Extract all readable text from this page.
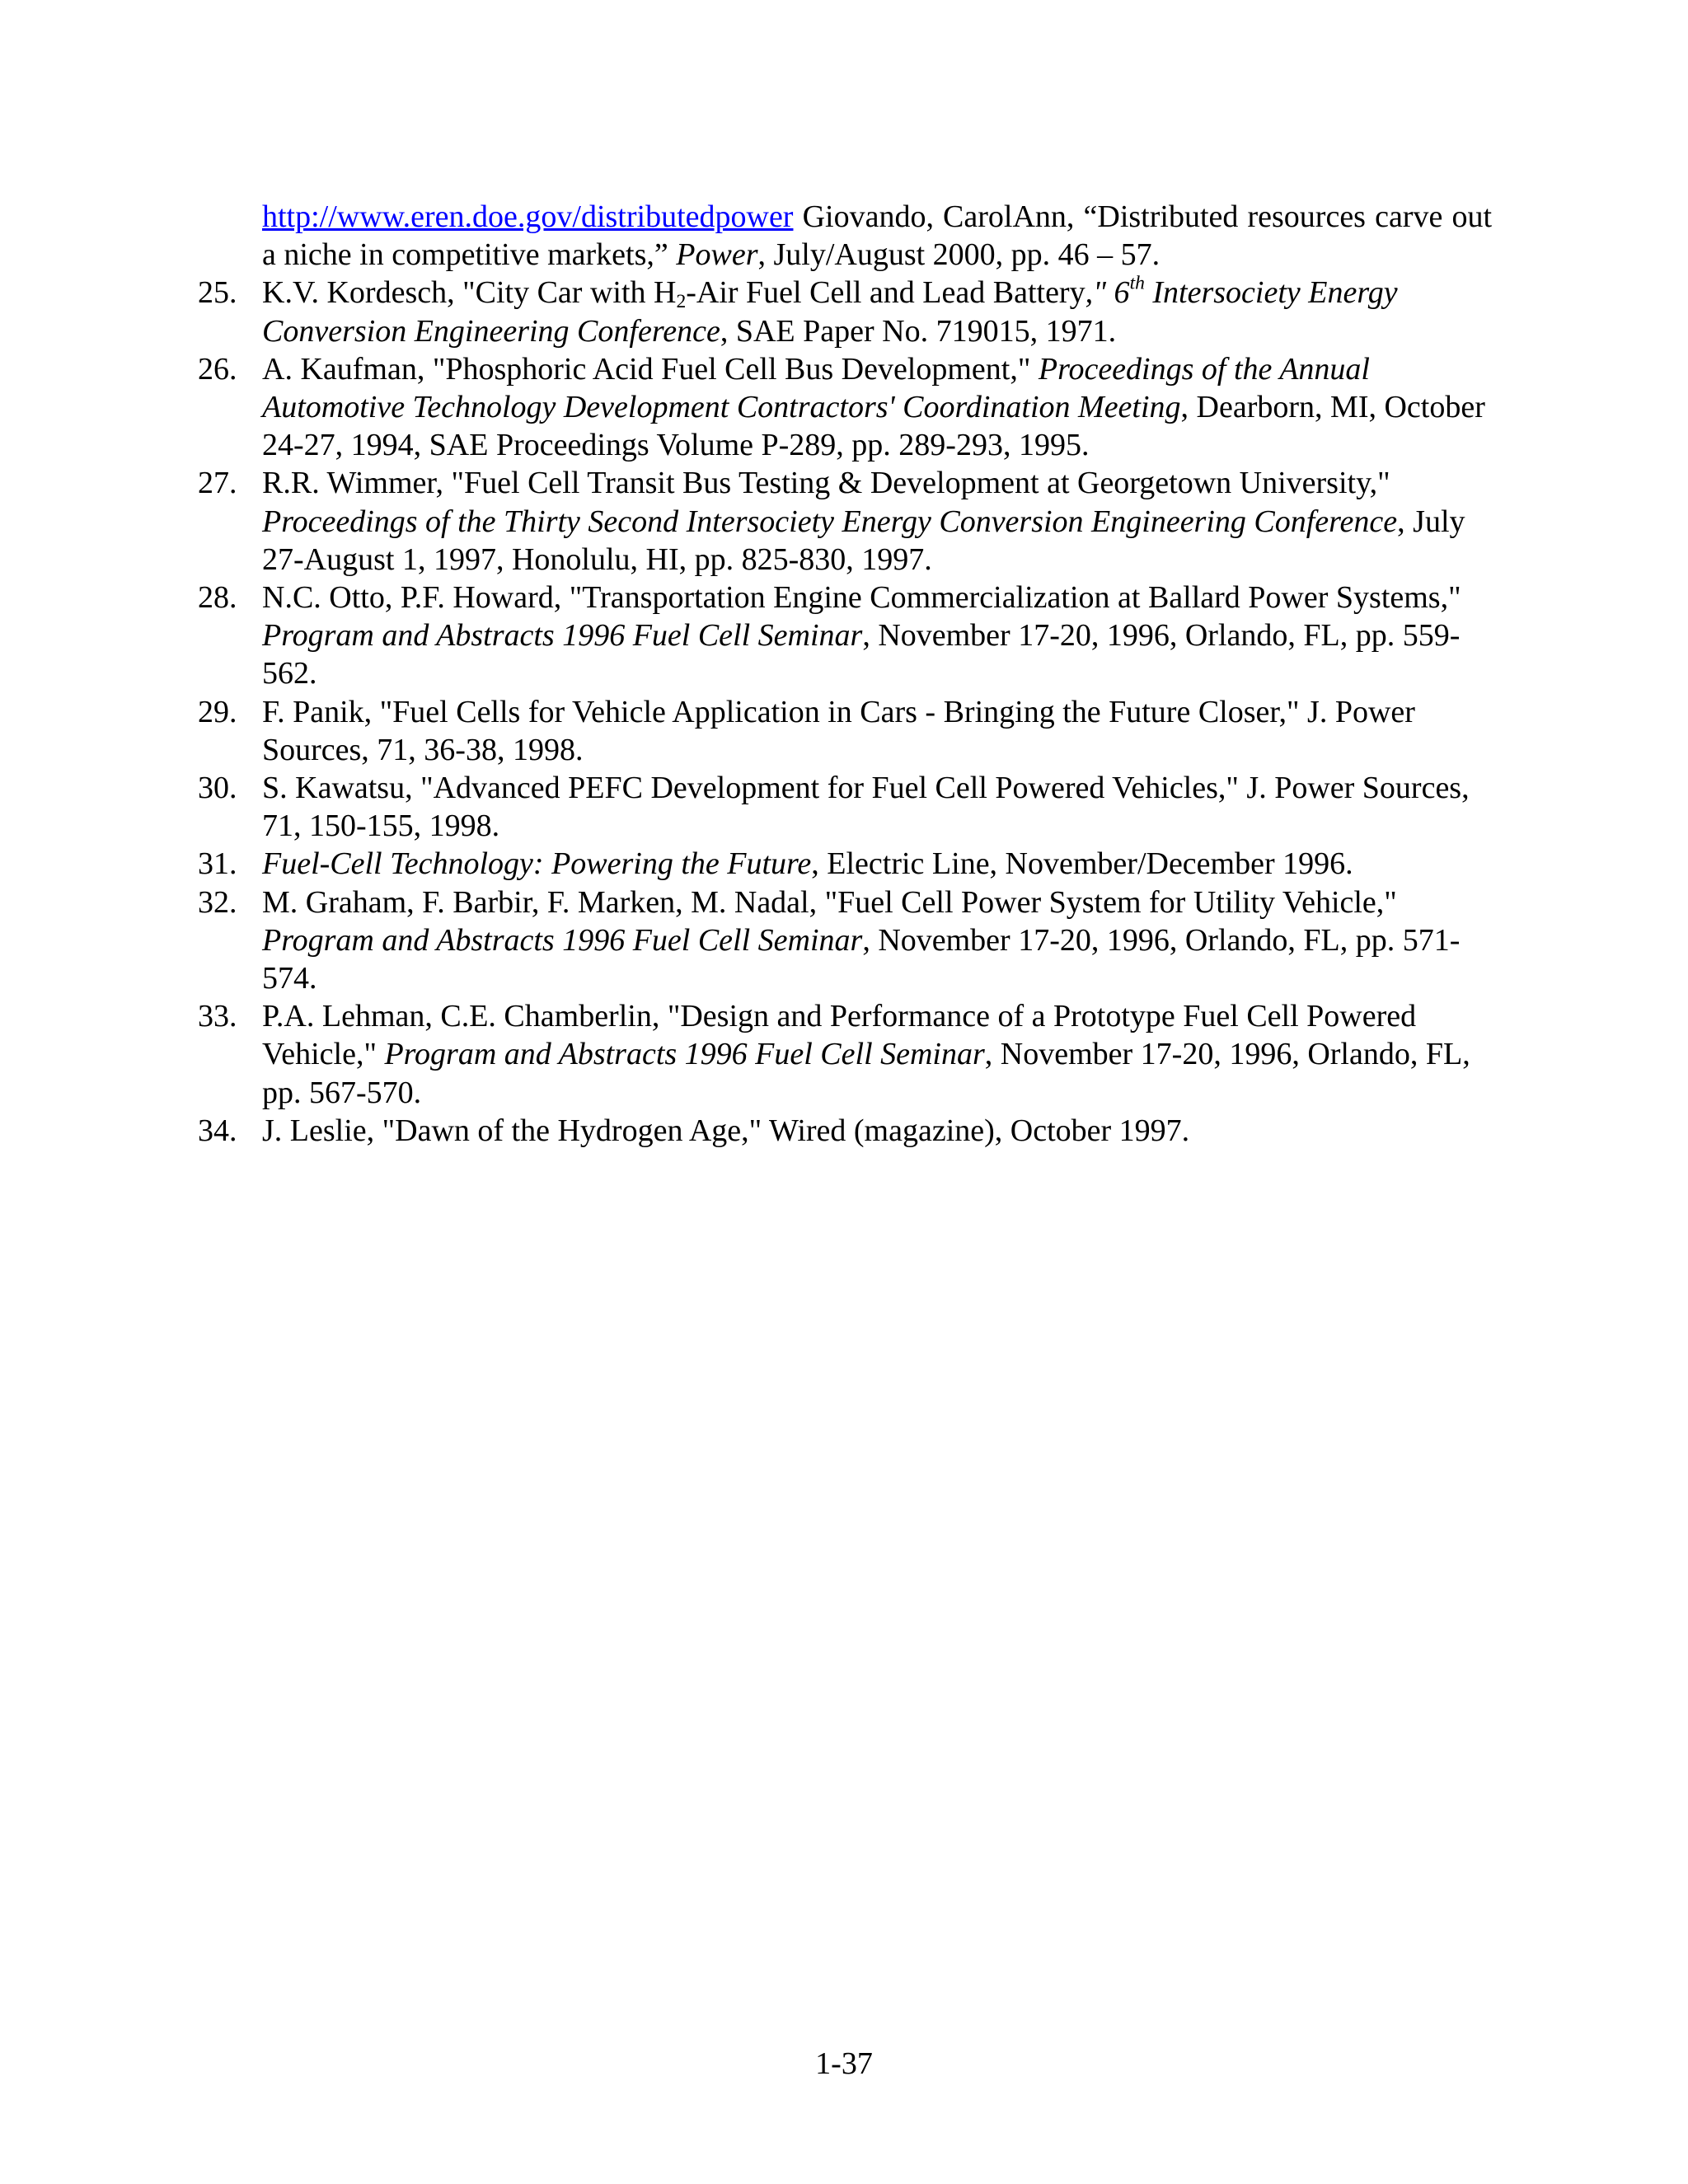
http://www.eren.doe.gov/distributedpower Giovando, CarolAnn, “Distributed resources carve out a niche in competitive markets,” Power, July/August 2000, pp. 46 – 57.

25. K.V. Kordesch, "City Car with $H_2$-Air Fuel Cell and Lead Battery," 6th Intersociety Energy Conversion Engineering Conference, SAE Paper No. 719015, 1971.

26. A. Kaufman, "Phosphoric Acid Fuel Cell Bus Development," Proceedings of the Annual Automotive Technology Development Contractors' Coordination Meeting, Dearborn, MI, October 24-27, 1994, SAE Proceedings Volume P-289, pp. 289-293, 1995.

27. R.R. Wimmer, "Fuel Cell Transit Bus Testing & Development at Georgetown University," Proceedings of the Thirty Second Intersociety Energy Conversion Engineering Conference, July 27-August 1, 1997, Honolulu, HI, pp. 825-830, 1997.

28. N.C. Otto, P.F. Howard, "Transportation Engine Commercialization at Ballard Power Systems," Program and Abstracts 1996 Fuel Cell Seminar, November 17-20, 1996, Orlando, FL, pp. 559-562.

29. F. Panik, "Fuel Cells for Vehicle Application in Cars - Bringing the Future Closer," J. Power Sources, 71, 36-38, 1998.

30. S. Kawatsu, "Advanced PEFC Development for Fuel Cell Powered Vehicles," J. Power Sources, 71, 150-155, 1998.

31. Fuel-Cell Technology: Powering the Future, Electric Line, November/December 1996.

32. M. Graham, F. Barbir, F. Marken, M. Nadal, "Fuel Cell Power System for Utility Vehicle," Program and Abstracts 1996 Fuel Cell Seminar, November 17-20, 1996, Orlando, FL, pp. 571-574.

33. P.A. Lehman, C.E. Chamberlin, "Design and Performance of a Prototype Fuel Cell Powered Vehicle," Program and Abstracts 1996 Fuel Cell Seminar, November 17-20, 1996, Orlando, FL, pp. 567-570.

34. J. Leslie, "Dawn of the Hydrogen Age," Wired (magazine), October 1997.

1-37
